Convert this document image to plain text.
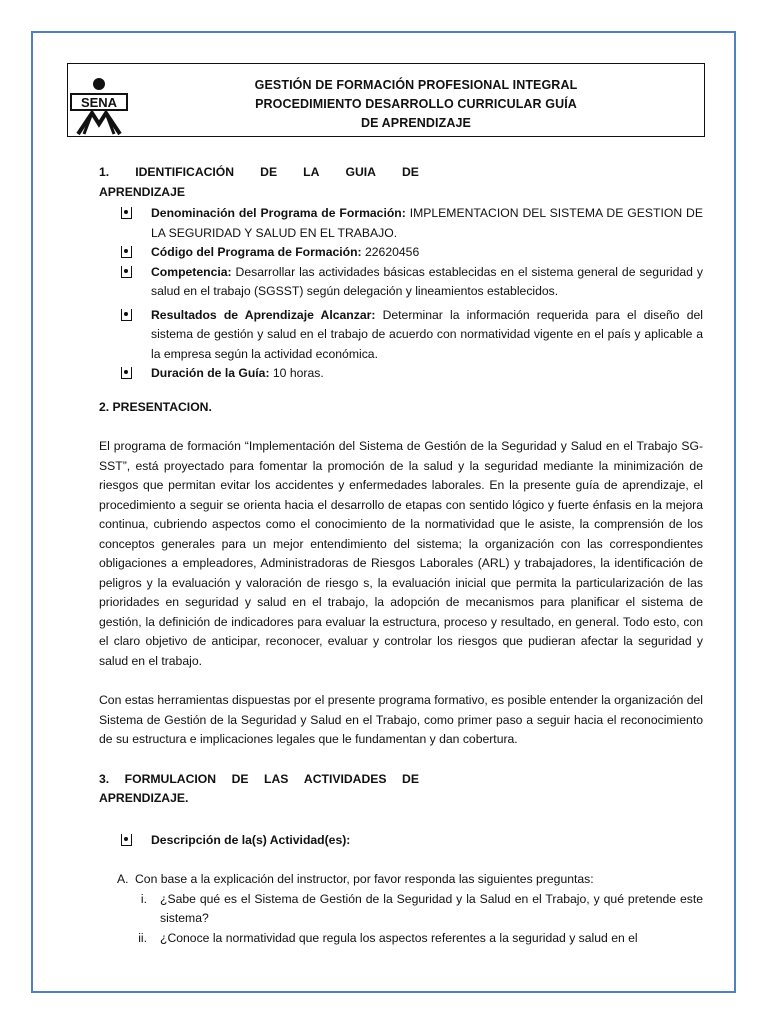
SENA
GESTIÓN DE FORMACIÓN PROFESIONAL INTEGRAL
PROCEDIMIENTO DESARROLLO CURRICULAR GUÍA
DE APRENDIZAJE
1. IDENTIFICACIÓN DE LA GUIA DE
APRENDIZAJE
Denominación del Programa de Formación: IMPLEMENTACION DEL SISTEMA DE GESTION DE LA SEGURIDAD Y SALUD EN EL TRABAJO.
Código del Programa de Formación: 22620456
Competencia: Desarrollar las actividades básicas establecidas en el sistema general de seguridad y salud en el trabajo (SGSST) según delegación y lineamientos establecidos.
Resultados de Aprendizaje Alcanzar: Determinar la información requerida para el diseño del sistema de gestión y salud en el trabajo de acuerdo con normatividad vigente en el país y aplicable a la empresa según la actividad económica.
Duración de la Guía: 10 horas.
2. PRESENTACION.

El programa de formación “Implementación del Sistema de Gestión de la Seguridad y Salud en el Trabajo SG-SST”, está proyectado para fomentar la promoción de la salud y la seguridad mediante la minimización de riesgos que permitan evitar los accidentes y enfermedades laborales. En la presente guía de aprendizaje, el procedimiento a seguir se orienta hacia el desarrollo de etapas con sentido lógico y fuerte énfasis en la mejora continua, cubriendo aspectos como el conocimiento de la normatividad que le asiste, la comprensión de los conceptos generales para un mejor entendimiento del sistema; la organización con las correspondientes obligaciones a empleadores, Administradoras de Riesgos Laborales (ARL) y trabajadores, la identificación de peligros y la evaluación y valoración de riesgo s, la evaluación inicial que permita la particularización de las prioridades en seguridad y salud en el trabajo, la adopción de mecanismos para planificar el sistema de gestión, la definición de indicadores para evaluar la estructura, proceso y resultado, en general. Todo esto, con el claro objetivo de anticipar, reconocer, evaluar y controlar los riesgos que pudieran afectar la seguridad y salud en el trabajo.

Con estas herramientas dispuestas por el presente programa formativo, es posible entender la organización del Sistema de Gestión de la Seguridad y Salud en el Trabajo, como primer paso a seguir hacia el reconocimiento de su estructura e implicaciones legales que le fundamentan y dan cobertura.

3. FORMULACION DE LAS ACTIVIDADES DE
APRENDIZAJE.
Descripción de la(s) Actividad(es):
A. Con base a la explicación del instructor, por favor responda las siguientes preguntas:
i. ¿Sabe qué es el Sistema de Gestión de la Seguridad y la Salud en el Trabajo, y qué pretende este sistema?
ii. ¿Conoce la normatividad que regula los aspectos referentes a la seguridad y salud en el
